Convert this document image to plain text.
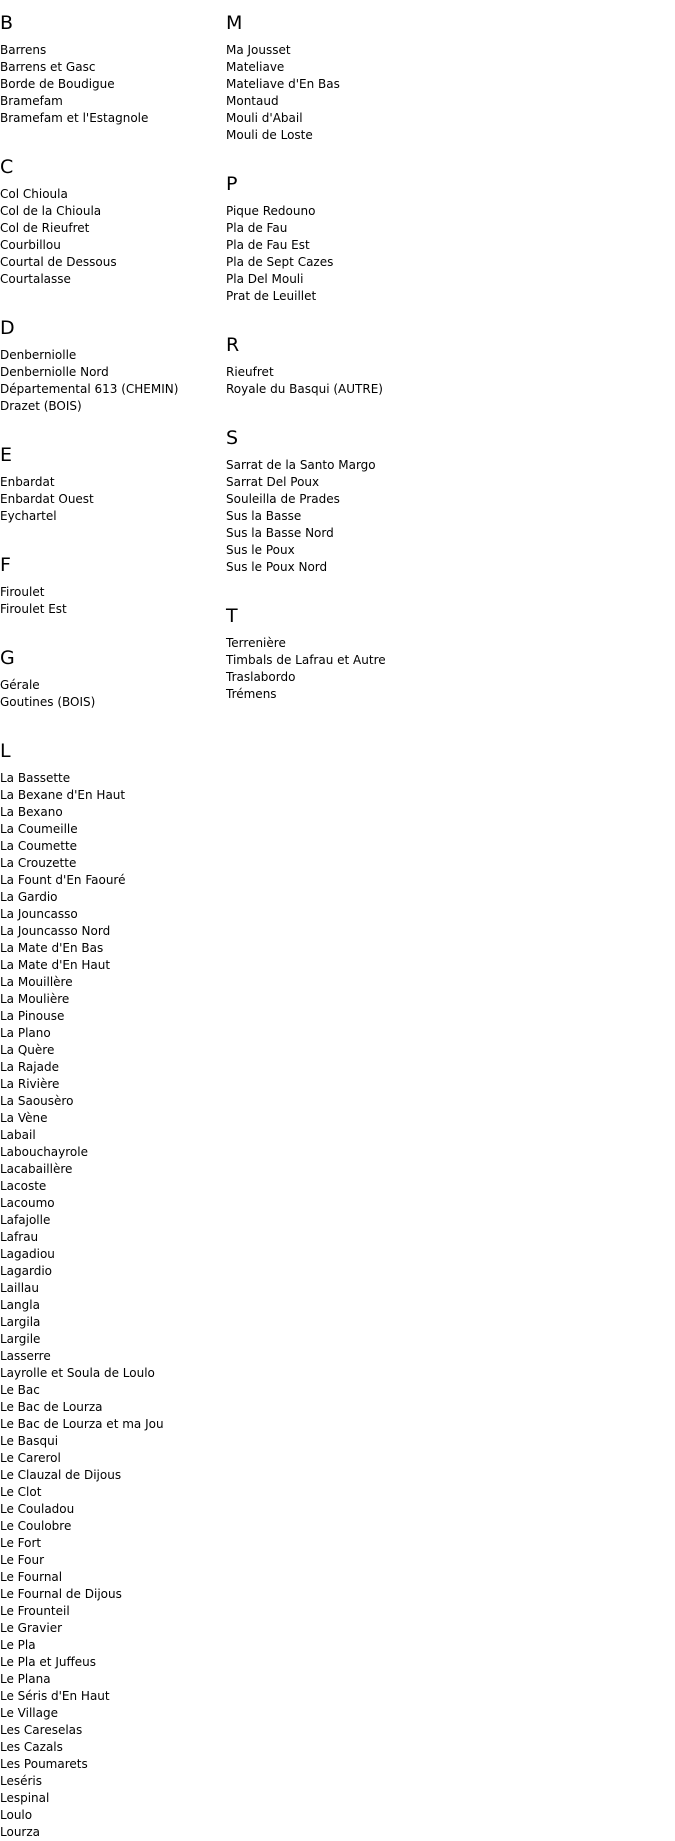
B
Barrens
Barrens et Gasc
Borde de Boudigue
Bramefam
Bramefam et l'Estagnole
C
Col Chioula
Col de la Chioula
Col de Rieufret
Courbillou
Courtal de Dessous
Courtalasse
D
Denberniolle
Denberniolle Nord
Départemental 613 (CHEMIN)
Drazet (BOIS)
E
Enbardat
Enbardat Ouest
Eychartel
F
Firoulet
Firoulet Est
G
Gérale
Goutines (BOIS)
L
La Bassette
La Bexane d'En Haut
La Bexano
La Coumeille
La Coumette
La Crouzette
La Fount d'En Faouré
La Gardio
La Jouncasso
La Jouncasso Nord
La Mate d'En Bas
La Mate d'En Haut
La Mouillère
La Moulière
La Pinouse
La Plano
La Quère
La Rajade
La Rivière
La Saousèro
La Vène
Labail
Labouchayrole
Lacabaillère
Lacoste
Lacoumo
Lafajolle
Lafrau
Lagadiou
Lagardio
Laillau
Langla
Largila
Largile
Lasserre
Layrolle et Soula de Loulo
Le Bac
Le Bac de Lourza
Le Bac de Lourza et ma Jou
Le Basqui
Le Carerol
Le Clauzal de Dijous
Le Clot
Le Couladou
Le Coulobre
Le Fort
Le Four
Le Fournal
Le Fournal de Dijous
Le Frounteil
Le Gravier
Le Pla
Le Pla et Juffeus
Le Plana
Le Séris d'En Haut
Le Village
Les Careselas
Les Cazals
Les Poumarets
Leséris
Lespinal
Loulo
Lourza
M
Ma Jousset
Mateliave
Mateliave d'En Bas
Montaud
Mouli d'Abail
Mouli de Loste
P
Pique Redouno
Pla de Fau
Pla de Fau Est
Pla de Sept Cazes
Pla Del Mouli
Prat de Leuillet
R
Rieufret
Royale du Basqui (AUTRE)
S
Sarrat de la Santo Margo
Sarrat Del Poux
Souleilla de Prades
Sus la Basse
Sus la Basse Nord
Sus le Poux
Sus le Poux Nord
T
Terrenière
Timbals de Lafrau et Autre
Traslabordo
Trémens
